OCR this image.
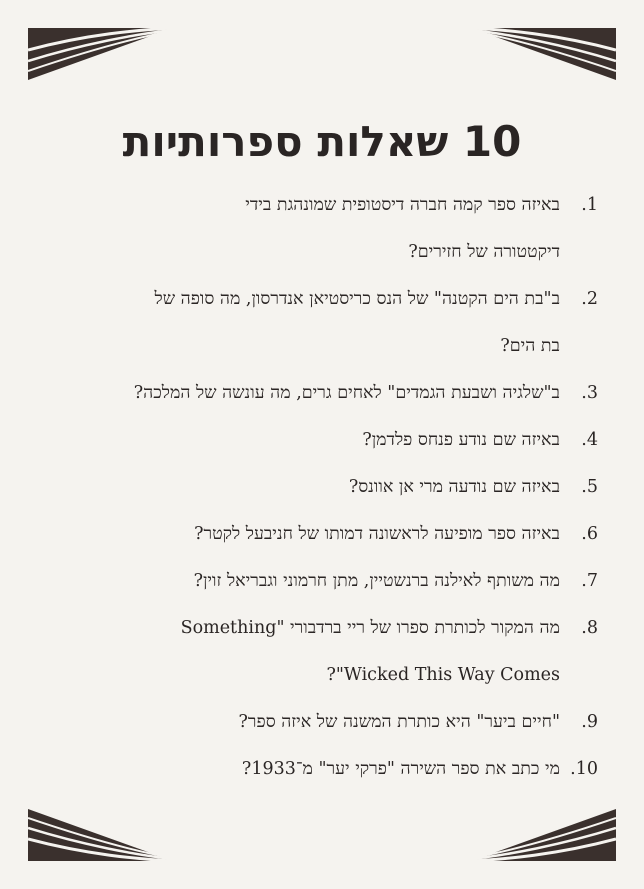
10 שאלות ספרותיות
1.
באיזה ספר קמה חברה דיסטופית שמונהגת בידי
דיקטטורה של חזירים?
2.
ב"בת הים הקטנה" של הנס כריסטיאן אנדרסון, מה סופה של
בת הים?
3.
ב"שלגיה ושבעת הגמדים" לאחים גרים, מה עונשה של המלכה?
4.
באיזה שם נודע פנחס פלדמן?
5.
באיזה שם נודעה מרי אן אוונס?
6.
באיזה ספר מופיעה לראשונה דמותו של חניבעל לקטר?
7.
מה משותף לאילנה ברנשטיין, מתן חרמוני וגבריאל זוין?
8.
מה המקור לכותרת ספרו של ריי ברדבורי "Something
Wicked This Way Comes"?
9.
"חיים ביער" היא כותרת המשנה של איזה ספר?
10.
מי כתב את ספר השירה "פרקי יער" מ־1933?
